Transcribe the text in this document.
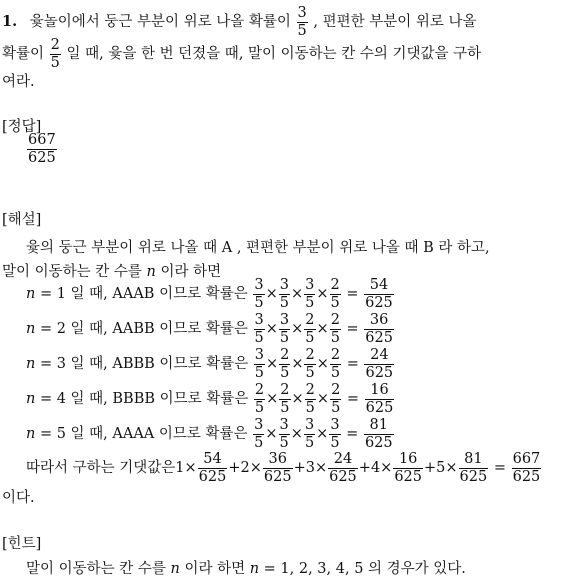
1. 윷놀이에서 둥근 부분이 위로 나올 확률이 $\frac{3}{5}$ , 편편한 부분이 위로 나올
확률이 $\frac{2}{5}$ 일 때, 윷을 한 번 던졌을 때, 말이 이동하는 칸 수의 기댓값을 구하
여라.
[정답]
$\frac{667}{625}$
[해설]
윷의 둥근 부분이 위로 나올 때 A , 편편한 부분이 위로 나올 때 B 라 하고,
말이 이동하는 칸 수를 n 이라 하면
n = 1 일 때, AAAB 이므로 확률은 $\frac{3}{5} \times \frac{3}{5} \times \frac{3}{5} \times \frac{2}{5} = \frac{54}{625}$
n = 2 일 때, AABB 이므로 확률은 $\frac{3}{5} \times \frac{3}{5} \times \frac{2}{5} \times \frac{2}{5} = \frac{36}{625}$
n = 3 일 때, ABBB 이므로 확률은 $\frac{3}{5} \times \frac{2}{5} \times \frac{2}{5} \times \frac{2}{5} = \frac{24}{625}$
n = 4 일 때, BBBB 이므로 확률은 $\frac{2}{5} \times \frac{2}{5} \times \frac{2}{5} \times \frac{2}{5} = \frac{16}{625}$
n = 5 일 때, AAAA 이므로 확률은 $\frac{3}{5} \times \frac{3}{5} \times \frac{3}{5} \times \frac{3}{5} = \frac{81}{625}$
따라서 구하는 기댓값은$1\times \frac{54}{625} +2\times \frac{36}{625} +3\times \frac{24}{625} +4\times \frac{16}{625} +5\times \frac{81}{625} = \frac{667}{625}$
이다.
[힌트]
말이 이동하는 칸 수를 n 이라 하면 n = 1, 2, 3, 4, 5 의 경우가 있다.
